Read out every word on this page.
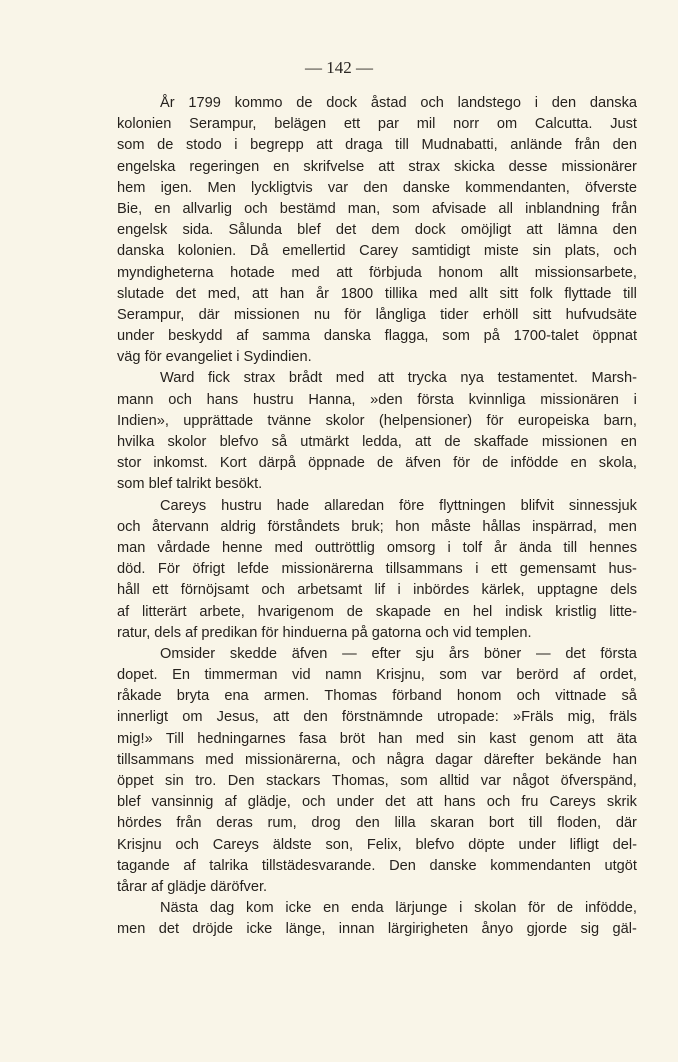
— 142 —
År 1799 kommo de dock åstad och landstego i den danska
kolonien Serampur, belägen ett par mil norr om Calcutta. Just
som de stodo i begrepp att draga till Mudnabatti, anlände från den
engelska regeringen en skrifvelse att strax skicka desse missionärer
hem igen. Men lyckligtvis var den danske kommendanten, öfverste
Bie, en allvarlig och bestämd man, som afvisade all inblandning från
engelsk sida. Sålunda blef det dem dock omöjligt att lämna den
danska kolonien. Då emellertid Carey samtidigt miste sin plats, och
myndigheterna hotade med att förbjuda honom allt missionsarbete,
slutade det med, att han år 1800 tillika med allt sitt folk flyttade till
Serampur, där missionen nu för långliga tider erhöll sitt hufvudsäte
under beskydd af samma danska flagga, som på 1700-talet öppnat
väg för evangeliet i Sydindien.
Ward fick strax brådt med att trycka nya testamentet. Marsh-
mann och hans hustru Hanna, »den första kvinnliga missionären i
Indien», upprättade tvänne skolor (helpensioner) för europeiska barn,
hvilka skolor blefvo så utmärkt ledda, att de skaffade missionen en
stor inkomst. Kort därpå öppnade de äfven för de infödde en skola,
som blef talrikt besökt.
Careys hustru hade allaredan före flyttningen blifvit sinnessjuk
och återvann aldrig förståndets bruk; hon måste hållas inspärrad, men
man vårdade henne med outtröttlig omsorg i tolf år ända till hennes
död. För öfrigt lefde missionärerna tillsammans i ett gemensamt hus-
håll ett förnöjsamt och arbetsamt lif i inbördes kärlek, upptagne dels
af litterärt arbete, hvarigenom de skapade en hel indisk kristlig litte-
ratur, dels af predikan för hinduerna på gatorna och vid templen.
Omsider skedde äfven — efter sju års böner — det första
dopet. En timmerman vid namn Krisjnu, som var berörd af ordet,
råkade bryta ena armen. Thomas förband honom och vittnade så
innerligt om Jesus, att den förstnämnde utropade: »Fräls mig, fräls
mig!» Till hedningarnes fasa bröt han med sin kast genom att äta
tillsammans med missionärerna, och några dagar därefter bekände han
öppet sin tro. Den stackars Thomas, som alltid var något öfverspänd,
blef vansinnig af glädje, och under det att hans och fru Careys skrik
hördes från deras rum, drog den lilla skaran bort till floden, där
Krisjnu och Careys äldste son, Felix, blefvo döpte under lifligt del-
tagande af talrika tillstädesvarande. Den danske kommendanten utgöt
tårar af glädje däröfver.
Nästa dag kom icke en enda lärjunge i skolan för de infödde,
men det dröjde icke länge, innan lärgirigheten ånyo gjorde sig gäl-
